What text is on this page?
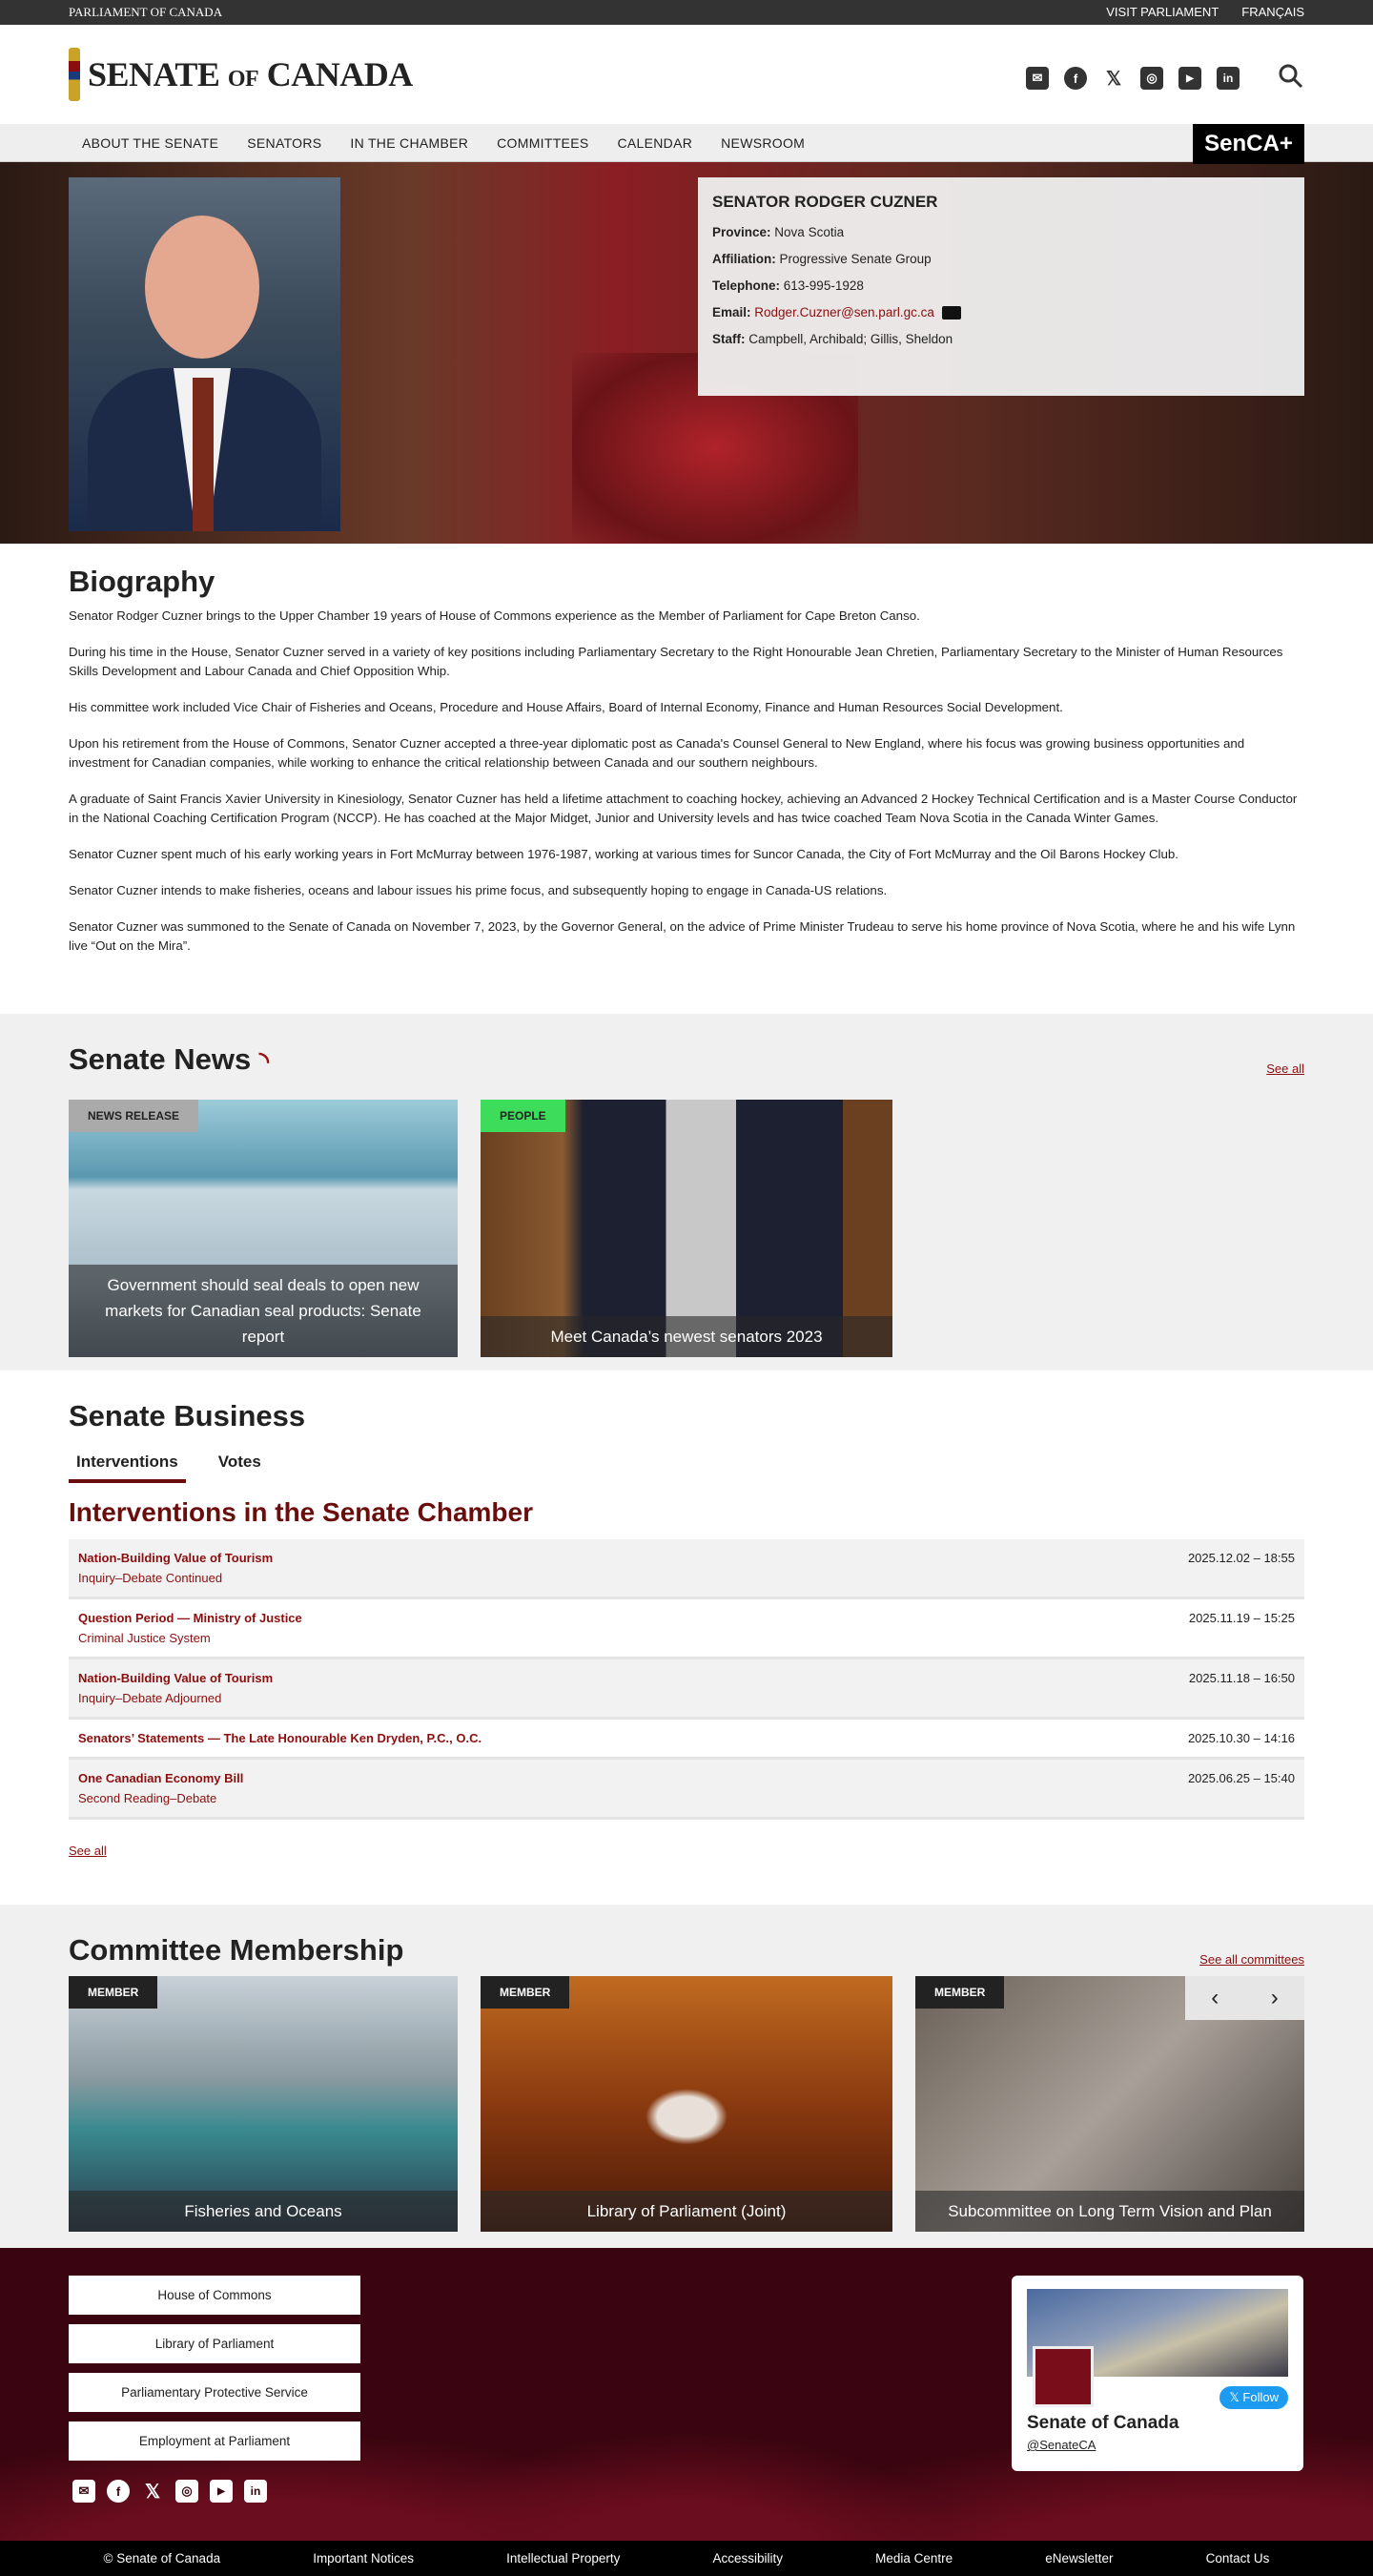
PARLIAMENT OF CANADA	VISIT PARLIAMENT FRANÇAIS
SENATE OF CANADA	✉	f	𝕏	◎	▶	in
ABOUT THE SENATE SENATORS IN THE CHAMBER COMMITTEES CALENDAR NEWSROOM	SenCA+
SENATOR RODGER CUZNER

Province: Nova Scotia

Affiliation: Progressive Senate Group

Telephone: 613-995-1928

Email: Rodger.Cuzner@sen.parl.gc.ca

Staff: Campbell, Archibald; Gillis, Sheldon

Biography

Senator Rodger Cuzner brings to the Upper Chamber 19 years of House of Commons experience as the Member of Parliament for Cape Breton Canso.

During his time in the House, Senator Cuzner served in a variety of key positions including Parliamentary Secretary to the Right Honourable Jean Chretien, Parliamentary Secretary to the Minister of Human Resources Skills Development and Labour Canada and Chief Opposition Whip.

His committee work included Vice Chair of Fisheries and Oceans, Procedure and House Affairs, Board of Internal Economy, Finance and Human Resources Social Development.

Upon his retirement from the House of Commons, Senator Cuzner accepted a three-year diplomatic post as Canada's Counsel General to New England, where his focus was growing business opportunities and investment for Canadian companies, while working to enhance the critical relationship between Canada and our southern neighbours.

A graduate of Saint Francis Xavier University in Kinesiology, Senator Cuzner has held a lifetime attachment to coaching hockey, achieving an Advanced 2 Hockey Technical Certification and is a Master Course Conductor in the National Coaching Certification Program (NCCP). He has coached at the Major Midget, Junior and University levels and has twice coached Team Nova Scotia in the Canada Winter Games.

Senator Cuzner spent much of his early working years in Fort McMurray between 1976-1987, working at various times for Suncor Canada, the City of Fort McMurray and the Oil Barons Hockey Club.

Senator Cuzner intends to make fisheries, oceans and labour issues his prime focus, and subsequently hoping to engage in Canada-US relations.

Senator Cuzner was summoned to the Senate of Canada on November 7, 2023, by the Governor General, on the advice of Prime Minister Trudeau to serve his home province of Nova Scotia, where he and his wife Lynn live “Out on the Mira”.

Senate News ◝	See all
NEWS RELEASE
Government should seal deals to open new markets for Canadian seal products: Senate report
PEOPLE
Meet Canada’s newest senators 2023
Senate Business
Interventions	Votes
Interventions in the Senate Chamber
Nation-Building Value of Tourism
Inquiry–Debate Continued
2025.12.02 – 18:55
Question Period — Ministry of Justice
Criminal Justice System
2025.11.19 – 15:25
Nation-Building Value of Tourism
Inquiry–Debate Adjourned
2025.11.18 – 16:50
Senators’ Statements — The Late Honourable Ken Dryden, P.C., O.C.	2025.10.30 – 14:16
One Canadian Economy Bill
Second Reading–Debate
2025.06.25 – 15:40
See all
Committee Membership	See all committees
MEMBER
Fisheries and Oceans
MEMBER
Library of Parliament (Joint)
MEMBER
Subcommittee on Long Term Vision and Plan
‹ ›
House of Commons
Library of Parliament
Parliamentary Protective Service
Employment at Parliament
✉	f	𝕏	◎	▶	in
𝕏 Follow
Senate of Canada
@SenateCA
© Senate of Canada	Important Notices	Intellectual Property	Accessibility	Media Centre	eNewsletter	Contact Us
